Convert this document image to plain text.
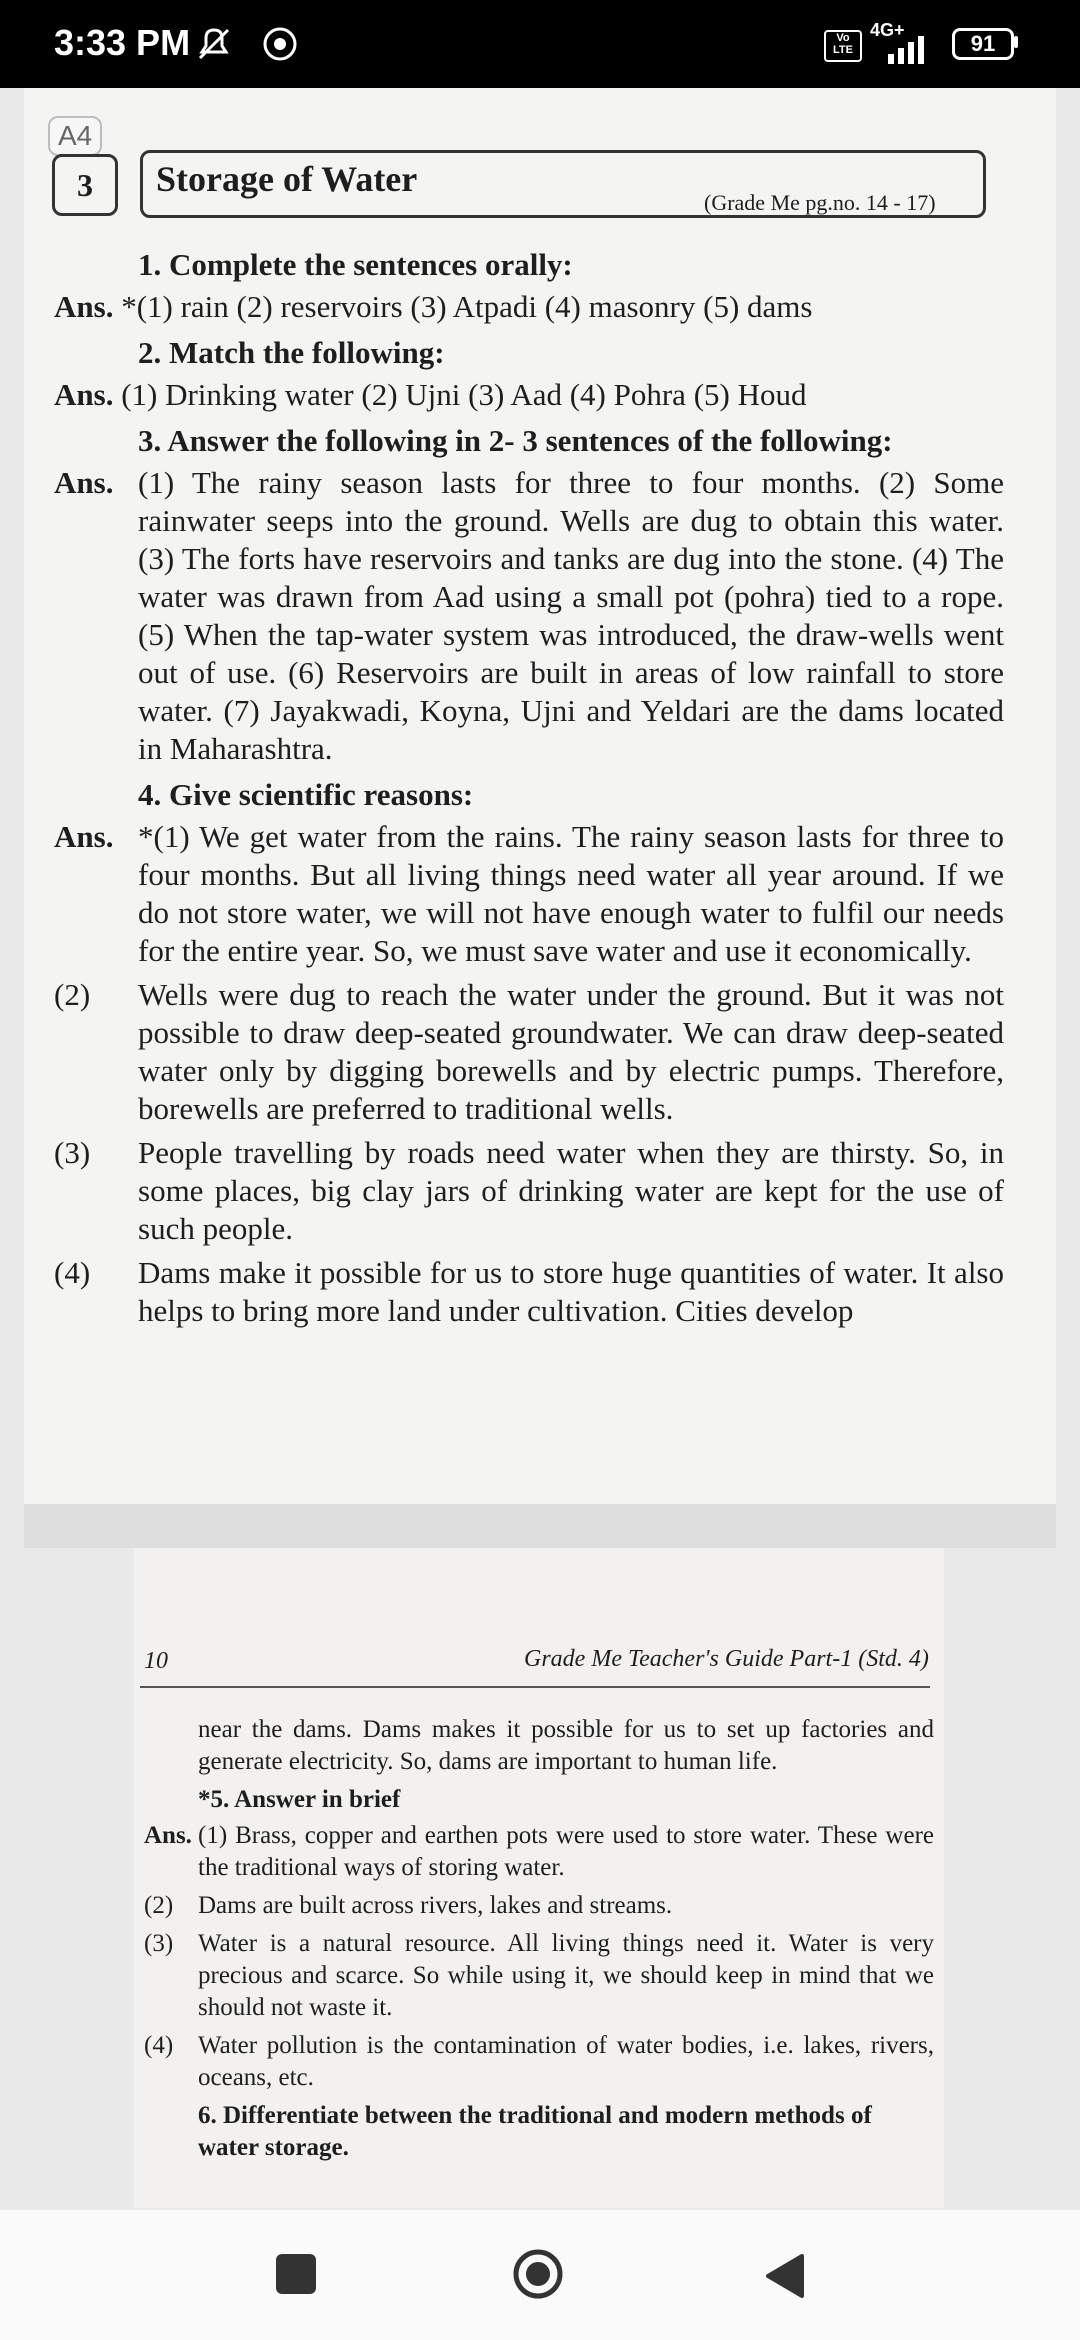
3:33 PM	Vo LTE
4G+
91
A4
3	Storage of Water
(Grade Me pg.no. 14 - 17)
1. Complete the sentences orally:
Ans. *(1) rain (2) reservoirs (3) Atpadi (4) masonry (5) dams
2. Match the following:
Ans. (1) Drinking water (2) Ujni (3) Aad (4) Pohra (5) Houd
3. Answer the following in 2- 3 sentences of the following:
Ans. (1) The rainy season lasts for three to four months. (2) Some rainwater seeps into the ground. Wells are dug to obtain this water. (3) The forts have reservoirs and tanks are dug into the stone. (4) The water was drawn from Aad using a small pot (pohra) tied to a rope. (5) When the tap-water system was introduced, the draw-wells went out of use. (6) Reservoirs are built in areas of low rainfall to store water. (7) Jayakwadi, Koyna, Ujni and Yeldari are the dams located in Maharashtra.
4. Give scientific reasons:
Ans. *(1) We get water from the rains. The rainy season lasts for three to four months. But all living things need water all year around. If we do not store water, we will not have enough water to fulfil our needs for the entire year. So, we must save water and use it economically.
(2) Wells were dug to reach the water under the ground. But it was not possible to draw deep-seated groundwater. We can draw deep-seated water only by digging borewells and by electric pumps. Therefore, borewells are preferred to traditional wells.
(3) People travelling by roads need water when they are thirsty. So, in some places, big clay jars of drinking water are kept for the use of such people.
(4) Dams make it possible for us to store huge quantities of water. It also helps to bring more land under cultivation. Cities develop
10	Grade Me Teacher's Guide Part-1 (Std. 4)
near the dams. Dams makes it possible for us to set up factories and generate electricity. So, dams are important to human life.
*5. Answer in brief
Ans. (1) Brass, copper and earthen pots were used to store water. These were the traditional ways of storing water.
(2) Dams are built across rivers, lakes and streams.
(3) Water is a natural resource. All living things need it. Water is very precious and scarce. So while using it, we should keep in mind that we should not waste it.
(4) Water pollution is the contamination of water bodies, i.e. lakes, rivers, oceans, etc.
6. Differentiate between the traditional and modern methods of water storage.
